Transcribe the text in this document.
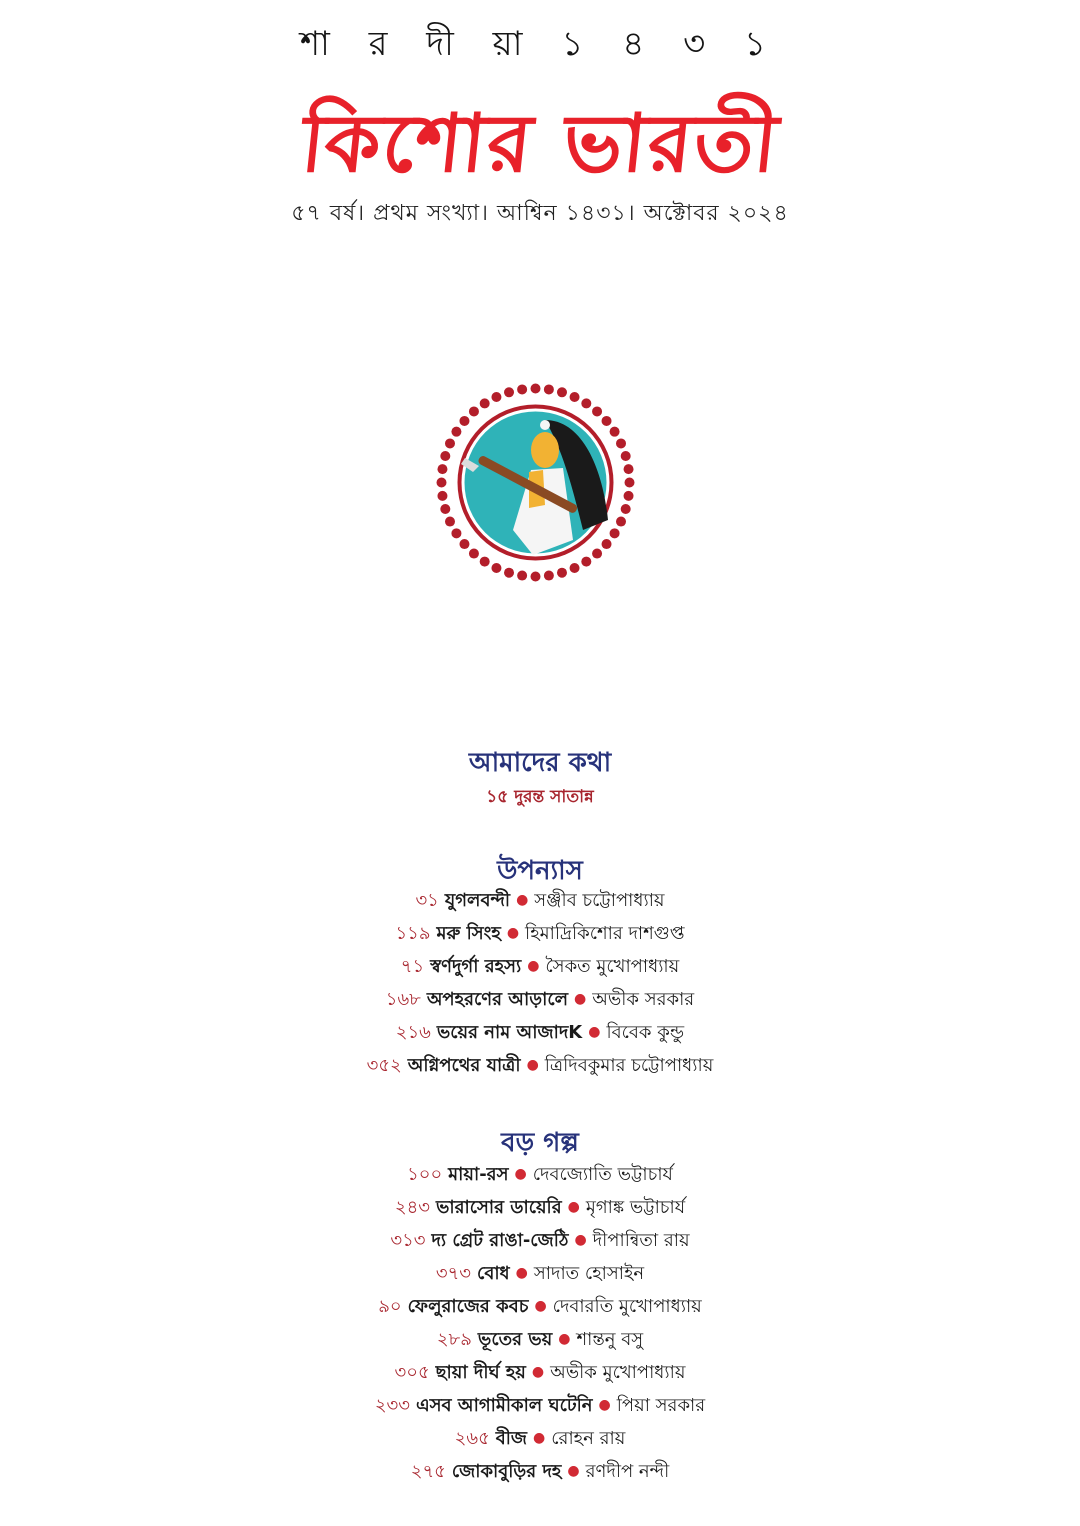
শা র দী য়া ১ ৪ ৩ ১
কিশোর ভারতী
৫৭ বর্ষ। প্রথম সংখ্যা। আশ্বিন ১৪৩১। অক্টোবর ২০২৪
আমাদের কথা
১৫ দুরন্ত সাতান্ন
উপন্যাস
৩১ যুগলবন্দী ● সঞ্জীব চট্টোপাধ্যায়
১১৯ মরু সিংহ ● হিমাদ্রিকিশোর দাশগুপ্ত
৭১ স্বর্ণদুর্গা রহস্য ● সৈকত মুখোপাধ্যায়
১৬৮ অপহরণের আড়ালে ● অভীক সরকার
২১৬ ভয়ের নাম আজাদK ● বিবেক কুন্ডু
৩৫২ অগ্নিপথের যাত্রী ● ত্রিদিবকুমার চট্টোপাধ্যায়
বড় গল্প
১০০ মায়া-রস ● দেবজ্যোতি ভট্টাচার্য
২৪৩ ভারাসোর ডায়েরি ● মৃগাঙ্ক ভট্টাচার্য
৩১৩ দ্য গ্রেট রাঙা-জেঠি ● দীপান্বিতা রায়
৩৭৩ বোধ ● সাদাত হোসাইন
৯০ ফেলুরাজের কবচ ● দেবারতি মুখোপাধ্যায়
২৮৯ ভূতের ভয় ● শান্তনু বসু
৩০৫ ছায়া দীর্ঘ হয় ● অভীক মুখোপাধ্যায়
২৩৩ এসব আগামীকাল ঘটেনি ● পিয়া সরকার
২৬৫ বীজ ● রোহন রায়
২৭৫ জোকাবুড়ির দহ ● রণদীপ নন্দী
